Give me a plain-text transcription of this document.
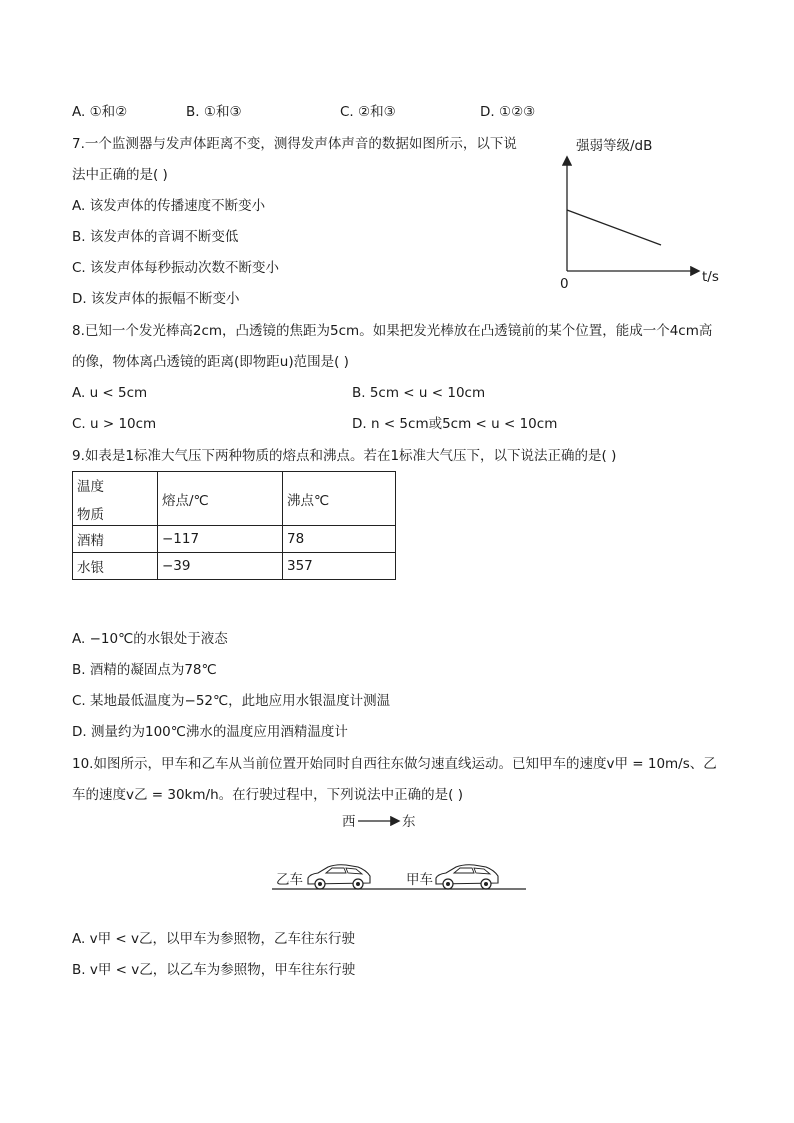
A. ①和②	B. ①和③	C. ②和③	D. ①②③
7.一个监测器与发声体距离不变，测得发声体声音的数据如图所示，以下说
法中正确的是( )
A. 该发声体的传播速度不断变小
B. 该发声体的音调不断变低
C. 该发声体每秒振动次数不断变小
D. 该发声体的振幅不断变小
强弱等级/dB
t/s
0
8.已知一个发光棒高2cm，凸透镜的焦距为5cm。如果把发光棒放在凸透镜前的某个位置，能成一个4cm高
的像，物体离凸透镜的距离(即物距u)范围是( )
A. u < 5cm	B. 5cm < u < 10cm
C. u > 10cm	D. n < 5cm或5cm < u < 10cm
9.如表是1标准大气压下两种物质的熔点和沸点。若在1标准大气压下，以下说法正确的是( )
温度
物质	熔点/℃	沸点℃
酒精	−117	78
水银	−39	357
A. −10℃的水银处于液态
B. 酒精的凝固点为78℃
C. 某地最低温度为−52℃，此地应用水银温度计测温
D. 测量约为100℃沸水的温度应用酒精温度计
10.如图所示，甲车和乙车从当前位置开始同时自西往东做匀速直线运动。已知甲车的速度v甲 = 10m/s、乙
车的速度v乙 = 30km/h。在行驶过程中，下列说法中正确的是( )
西	东
乙车	甲车
A. v甲 < v乙，以甲车为参照物，乙车往东行驶
B. v甲 < v乙，以乙车为参照物，甲车往东行驶
